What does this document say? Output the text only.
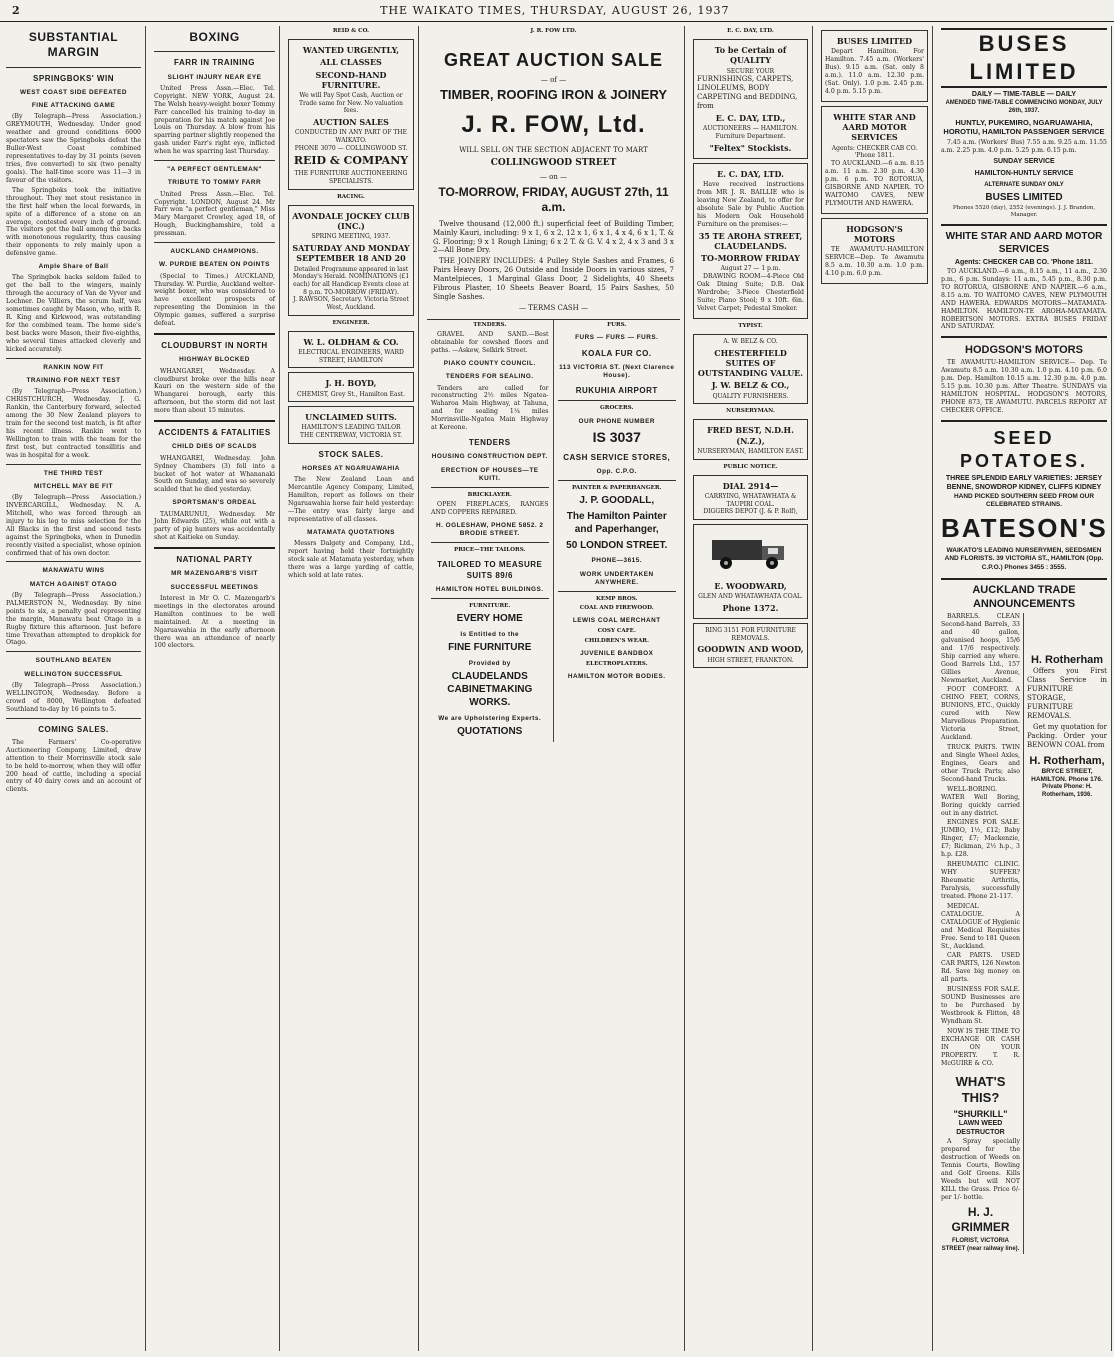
2	THE WAIKATO TIMES, THURSDAY, AUGUST 26, 1937
SUBSTANTIAL MARGIN
SPRINGBOKS' WIN
WEST COAST SIDE DEFEATED
FINE ATTACKING GAME

(By Telegraph—Press Association.) GREYMOUTH, Wednesday. Under good weather and ground conditions 6000 spectators saw the Springboks defeat the Buller-West Coast combined representatives to-day by 31 points (seven tries, five converted) to six (two penalty goals). The half-time score was 11—3 in favour of the visitors.

The Springboks took the initiative throughout. They met stout resistance in the first half when the local forwards, in spite of a difference of a stone on an average, contested every inch of ground. The visitors got the ball among the backs with monotonous regularity, thus causing their opponents to rely mainly upon a defensive game.

Ample Share of Ball

The Springbok backs seldom failed to get the ball to the wingers, mainly through the accuracy of Van de Vyver and Lochner. De Villiers, the scrum half, was sometimes caught by Mason, who, with R. R. King and Kirkwood, was outstanding for the combined team. The home side's best backs were Mason, their five-eighths, who several times attacked cleverly and kicked accurately.

RANKIN NOW FIT
TRAINING FOR NEXT TEST

(By Telegraph—Press Association.) CHRISTCHURCH, Wednesday. J. G. Rankin, the Canterbury forward, selected among the 30 New Zealand players to train for the second test match, is fit after his recent illness. Rankin went to Wellington to train with the team for the first test, but contracted tonsillitis and was in hospital for a week.

THE THIRD TEST
MITCHELL MAY BE FIT

(By Telegraph—Press Association.) INVERCARGILL, Wednesday. N. A. Mitchell, who was forced through an injury to his leg to miss selection for the All Blacks in the first and second tests against the Springboks, when in Dunedin recently visited a specialist, whose opinion confirmed that of his own doctor.

MANAWATU WINS
MATCH AGAINST OTAGO

(By Telegraph—Press Association.) PALMERSTON N., Wednesday. By nine points to six, a penalty goal representing the margin, Manawatu beat Otago in a Rugby fixture this afternoon. Just before time Trevathan attempted to dropkick for Otago.

SOUTHLAND BEATEN
WELLINGTON SUCCESSFUL

(By Telegraph—Press Association.) WELLINGTON, Wednesday. Before a crowd of 8000, Wellington defeated Southland to-day by 16 points to 5.

COMING SALES.

The Farmers' Co-operative Auctioneering Company, Limited, draw attention to their Morrinsville stock sale to be held to-morrow, when they will offer 200 head of cattle, including a special entry of 40 dairy cows and an account of clients.

BOXING
FARR IN TRAINING
SLIGHT INJURY NEAR EYE

United Press Assn.—Elec. Tel. Copyright. NEW YORK, August 24. The Welsh heavy-weight boxer Tommy Farr cancelled his training to-day in preparation for his match against Joe Louis on Thursday. A blow from his sparring partner slightly reopened the gash under Farr's right eye, inflicted when he was sparring last Thursday.

"A PERFECT GENTLEMAN"
TRIBUTE TO TOMMY FARR

United Press Assn.—Elec. Tel. Copyright. LONDON, August 24. Mr Farr won "a perfect gentleman," Miss Mary Margaret Crowley, aged 18, of Hough, Buckinghamshire, told a pressman.

AUCKLAND CHAMPIONS.
W. PURDIE BEATEN ON POINTS

(Special to Times.) AUCKLAND, Thursday. W. Purdie, Auckland welter-weight boxer, who was considered to have excellent prospects of representing the Dominion in the Olympic games, suffered a surprise defeat.

CLOUDBURST IN NORTH
HIGHWAY BLOCKED

WHANGAREI, Wednesday. A cloudburst broke over the hills near Kauri on the western side of the Whangarei borough, early this afternoon, but the storm did not last more than about 15 minutes.

ACCIDENTS & FATALITIES
CHILD DIES OF SCALDS

WHANGAREI, Wednesday. John Sydney Chambers (3) fell into a bucket of hot water at Whananaki South on Sunday, and was so severely scalded that he died yesterday.

SPORTSMAN'S ORDEAL

TAUMARUNUI, Wednesday. Mr John Edwards (25), while out with a party of pig hunters was accidentally shot at Kaitieke on Sunday.

NATIONAL PARTY
MR MAZENGARB'S VISIT
SUCCESSFUL MEETINGS

Interest in Mr O. C. Mazengarb's meetings in the electorates around Hamilton continues to be well maintained. At a meeting in Ngaruawahia in the early afternoon there was an attendance of nearly 100 electors.

REID & CO.
WANTED URGENTLY,
ALL CLASSES
SECOND-HAND FURNITURE.
We will Pay Spot Cash, Auction or Trade same for New. No valuation fees.
AUCTION SALES
CONDUCTED IN ANY PART OF THE WAIKATO.
PHONE 3070 — COLLINGWOOD ST.
REID & COMPANY
THE FURNITURE AUCTIONEERING SPECIALISTS.
RACING.
AVONDALE JOCKEY CLUB (INC.)
SPRING MEETING, 1937.
SATURDAY AND MONDAY SEPTEMBER 18 AND 20
Detailed Programme appeared in last Monday's Herald. NOMINATIONS (£1 each) for all Handicap Events close at 8 p.m. TO-MORROW (FRIDAY).
J. RAWSON, Secretary. Victoria Street West, Auckland.
ENGINEER.
W. L. OLDHAM & CO.
ELECTRICAL ENGINEERS, WARD STREET, HAMILTON
J. H. BOYD,
CHEMIST, Grey St., Hamilton East.
UNCLAIMED SUITS.
HAMILTON'S LEADING TAILOR
THE CENTREWAY, VICTORIA ST.
STOCK SALES.
HORSES AT NGARUAWAHIA

The New Zealand Loan and Mercantile Agency Company, Limited, Hamilton, report as follows on their Ngaruawahia horse fair held yesterday:—The entry was fairly large and representative of all classes.

MATAMATA QUOTATIONS

Messrs Dalgety and Company, Ltd., report having held their fortnightly stock sale at Matamata yesterday, when there was a large yarding of cattle, which sold at late rates.

J. R. FOW LTD.
GREAT AUCTION SALE
— of —
TIMBER, ROOFING IRON & JOINERY
J. R. FOW, Ltd.
WILL SELL ON THE SECTION ADJACENT TO MART
COLLINGWOOD STREET
— on —
TO-MORROW, FRIDAY, AUGUST 27th, 11 a.m.

Twelve thousand (12,000 ft.) superficial feet of Building Timber, Mainly Kauri, including: 9 x 1, 6 x 2, 12 x 1, 6 x 1, 4 x 4, 6 x 1, T. & G. Flooring; 9 x 1 Rough Lining; 6 x 2 T. & G. V. 4 x 2, 4 x 3 and 3 x 2—All Bone Dry.

THE JOINERY INCLUDES: 4 Pulley Style Sashes and Frames, 6 Pairs Heavy Doors, 26 Outside and Inside Doors in various sizes, 7 Mantelpieces, 1 Marginal Glass Door, 2 Sidelights, 40 Sheets Fibrous Plaster, 10 Sheets Beaver Board, 15 Pairs Sashes, 50 Single Sashes.

— TERMS CASH —
TENDERS.

GRAVEL AND SAND.—Best obtainable for cowshed floors and paths. —Askew, Selkirk Street.

PIAKO COUNTY COUNCIL.
TENDERS FOR SEALING.

Tenders are called for reconstructing 2½ miles Ngatea-Waharoa Main Highway, at Tahuna, and for sealing 1¼ miles Morrinsville-Ngatea Main Highway at Kereone.

TENDERS
HOUSING CONSTRUCTION DEPT.
ERECTION OF HOUSES—TE KUITI.
BRICKLAYER.

OPEN FIREPLACES, RANGES AND COPPERS REPAIRED.

H. OGLESHAW, PHONE 5852. 2 BRODIE STREET.
PRICE—THE TAILORS.
TAILORED TO MEASURE SUITS 89/6
HAMILTON HOTEL BUILDINGS.
FURNITURE.
EVERY HOME
Is Entitled to the
FINE FURNITURE
Provided by
CLAUDELANDS CABINETMAKING WORKS.
We are Upholstering Experts.
QUOTATIONS
FURS.
FURS — FURS — FURS.
KOALA FUR CO.
113 VICTORIA ST. (Next Clarence House).
RUKUHIA AIRPORT
GROCERS.
OUR PHONE NUMBER
IS 3037
CASH SERVICE STORES,
Opp. C.P.O.
PAINTER & PAPERHANGER.
J. P. GOODALL,
The Hamilton Painter and Paperhanger,
50 LONDON STREET.
PHONE—3615.
WORK UNDERTAKEN ANYWHERE.
KEMP BROS.
COAL AND FIREWOOD.
LEWIS COAL MERCHANT
COSY CAFE.
CHILDREN'S WEAR.
JUVENILE BANDBOX
ELECTROPLATERS.
HAMILTON MOTOR BODIES.
E. C. DAY, LTD.
To be Certain of QUALITY
SECURE YOUR
FURNISHINGS, CARPETS, LINOLEUMS, BODY CARPETING and BEDDING, from
E. C. DAY, LTD.,
AUCTIONEERS — HAMILTON.
Furniture Department.
"Feltex" Stockists.
E. C. DAY, LTD.

Have received instructions from MR J. R. BAILLIE who is leaving New Zealand, to offer for absolute Sale by Public Auction his Modern Oak Household Furniture on the premises:—

35 TE AROHA STREET, CLAUDELANDS.
TO-MORROW FRIDAY
August 27 — 1 p.m.

DRAWING ROOM—4-Piece Old Oak Dining Suite; D.B. Oak Wardrobe; 3-Piece Chesterfield Suite; Piano Stool; 9 x 10ft. 6in. Velvet Carpet; Pedestal Smoker.

TYPIST.
A. W. BELZ & CO.
CHESTERFIELD SUITES OF OUTSTANDING VALUE.
J. W. BELZ & CO.,
QUALITY FURNISHERS.
NURSERYMAN.
FRED BEST, N.D.H. (N.Z.),
NURSERYMAN, HAMILTON EAST.
PUBLIC NOTICE.
DIAL 2914—
CARRYING, WHATAWHATA & TAUPIRI COAL.
DIGGERS DEPOT (J. & P. Rolf),
E. WOODWARD,
GLEN AND WHATAWHATA COAL.
Phone 1372.
RING 3151 FOR FURNITURE REMOVALS.
GOODWIN AND WOOD,
HIGH STREET, FRANKTON.
BUSES LIMITED

Depart Hamilton. For Hamilton. 7.45 a.m. (Workers' Bus). 9.15 a.m. (Sat. only 8 a.m.). 11.0 a.m. 12.30 p.m. (Sat. Only). 1.0 p.m. 2.45 p.m. 4.0 p.m. 5.15 p.m.

WHITE STAR AND AARD MOTOR SERVICES
Agents: CHECKER CAB CO. 'Phone 1811.

TO AUCKLAND.—6 a.m. 8.15 a.m. 11 a.m. 2.30 p.m. 4.30 p.m. 6 p.m. TO ROTORUA, GISBORNE AND NAPIER. TO WAITOMO CAVES, NEW PLYMOUTH AND HAWERA.

HODGSON'S MOTORS

TE AWAMUTU-HAMILTON SERVICE—Dep. Te Awamutu 8.5 a.m. 10.30 a.m. 1.0 p.m. 4.10 p.m. 6.0 p.m.

BUSES LIMITED
DAILY — TIME-TABLE — DAILY
AMENDED TIME-TABLE COMMENCING MONDAY, JULY 26th, 1937.
HUNTLY, PUKEMIRO, NGARUAWAHIA, HOROTIU, HAMILTON PASSENGER SERVICE

7.45 a.m. (Workers' Bus) 7.55 a.m. 9.25 a.m. 11.55 a.m. 2.25 p.m. 4.0 p.m. 5.25 p.m. 6.15 p.m.

SUNDAY SERVICE
HAMILTON-HUNTLY SERVICE
ALTERNATE SUNDAY ONLY
BUSES LIMITED
Phones 5520 (day), 2552 (evenings). J. J. Brandon, Manager.
WHITE STAR AND AARD MOTOR SERVICES
Agents: CHECKER CAB CO. 'Phone 1811.

TO AUCKLAND.—6 a.m., 8.15 a.m., 11 a.m., 2.30 p.m., 6 p.m. Sundays: 11 a.m., 5.45 p.m., 8.30 p.m. TO ROTORUA, GISBORNE AND NAPIER.—6 a.m., 8.15 a.m. TO WAITOMO CAVES, NEW PLYMOUTH AND HAWERA. EDWARDS MOTORS—MATAMATA-HAMILTON. HAMILTON-TE AROHA-MATAMATA. ROBERTSON MOTORS. EXTRA BUSES FRIDAY AND SATURDAY.

HODGSON'S MOTORS

TE AWAMUTU-HAMILTON SERVICE— Dep. Te Awamutu 8.5 a.m. 10.30 a.m. 1.0 p.m. 4.10 p.m. 6.0 p.m. Dep. Hamilton 10.15 a.m. 12.30 p.m. 4.0 p.m. 5.15 p.m. 10.30 p.m. After Theatre. SUNDAYS via HAMILTON HOSPITAL. HODGSON'S MOTORS, PHONE 873, TE AWAMUTU. PARCELS REPORT AT CHECKER OFFICE.

SEED POTATOES.
THREE SPLENDID EARLY VARIETIES: JERSEY BENNE, SNOWDROP KIDNEY, CLIFFS KIDNEY
HAND PICKED SOUTHERN SEED FROM OUR CELEBRATED STRAINS.
BATESON'S
WAIKATO'S LEADING NURSERYMEN, SEEDSMEN AND FLORISTS. 39 VICTORIA ST., HAMILTON (Opp. C.P.O.) Phones 3455 : 3555.
AUCKLAND TRADE ANNOUNCEMENTS

BARRELS. CLEAN Second-hand Barrels, 33 and 40 gallon, galvanised hoops, 15/6 and 17/6 respectively. Ship carried any where. Good Barrels Ltd., 157 Gillies Avenue, Newmarket, Auckland.

FOOT COMFORT. A CHINO FEET, CORNS, BUNIONS, ETC., Quickly cured with New Marvellous Preparation. Victoria Street, Auckland.

TRUCK PARTS. TWIN and Single Wheel Axles, Engines, Gears and other Truck Parts; also Second-hand Trucks.

WELL-BORING. WATER Well Boring, Boring quickly carried out in any district.

ENGINES FOR SALE. JUMBO, 1½, £12; Baby Ringer, £7; Mackenzie, £7; Rickman, 2½ h.p., 3 h.p. £28.

RHEUMATIC CLINIC. WHY SUFFER? Rheumatic Arthritis, Paralysis, successfully treated. Phone 21-117.

MEDICAL CATALOGUE. A CATALOGUE of Hygienic and Medical Requisites Free. Send to 181 Queen St., Auckland.

CAR PARTS. USED CAR PARTS, 126 Newton Rd. Save big money on all parts.

BUSINESS FOR SALE. SOUND Businesses are to be Purchased by Westbrook & Flitton, 48 Wyndham St.

NOW IS THE TIME TO EXCHANGE OR CASH IN ON YOUR PROPERTY. T. R. McGUIRE & CO.

WHAT'S THIS?
"SHURKILL"
LAWN WEED DESTRUCTOR

A Spray specially prepared for the destruction of Weeds on Tennis Courts, Bowling and Golf Greens. Kills Weeds but will NOT KILL the Grass. Price 6/- per 1/- bottle.

H. J. GRIMMER
FLORIST, VICTORIA STREET (near railway line).
H. Rotherham

Offers you First Class Service in FURNITURE STORAGE, FURNITURE REMOVALS.

Get my quotation for Packing. Order your BENOWN COAL from

H. Rotherham,
BRYCE STREET, HAMILTON. Phone 176.
Private Phone: H. Rotherham, 1936.
